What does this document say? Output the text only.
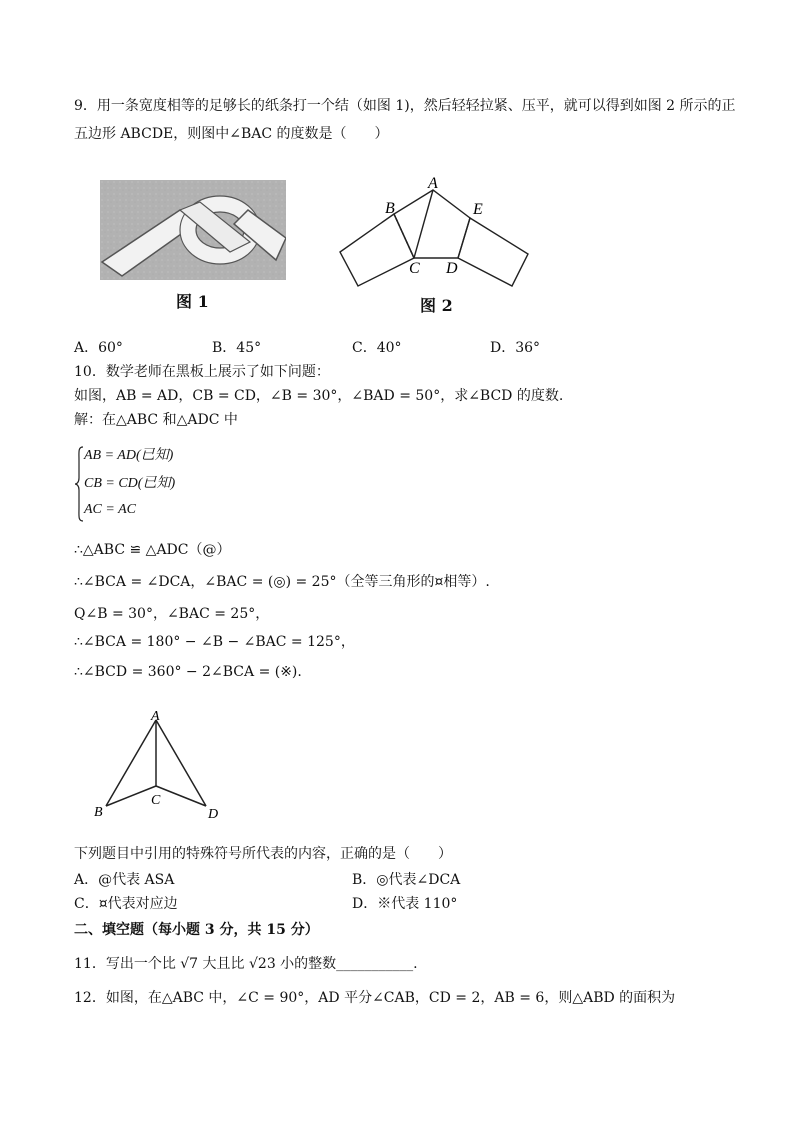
9．用一条宽度相等的足够长的纸条打一个结（如图 1)，然后轻轻拉紧、压平，就可以得到如图 2 所示的正
五边形 ABCDE，则图中∠BAC 的度数是（　　）
图 1
A
B
C D
E
图 2
A．60°	B．45°	C．40°	D．36°
10．数学老师在黑板上展示了如下问题：
如图，AB = AD，CB = CD，∠B = 30°，∠BAD = 50°，求∠BCD 的度数.
解：在△ABC 和△ADC 中
AB = AD(已知)
CB = CD(已知)
AC = AC
∴△ABC ≌ △ADC（@）
∴∠BCA = ∠DCA，∠BAC = (◎) = 25°（全等三角形的¤相等）.
Q∠B = 30°，∠BAC = 25°，
∴∠BCA = 180° − ∠B − ∠BAC = 125°，
∴∠BCD = 360° − 2∠BCA = (※).
A
B
C
D
下列题目中引用的特殊符号所代表的内容，正确的是（　　）
A．@代表 ASA	B．◎代表∠DCA
C．¤代表对应边	D．※代表 110°
二、填空题（每小题 3 分，共 15 分）
11．写出一个比 √7 大且比 √23 小的整数___________.
12．如图，在△ABC 中，∠C = 90°，AD 平分∠CAB，CD = 2，AB = 6，则△ABD 的面积为
